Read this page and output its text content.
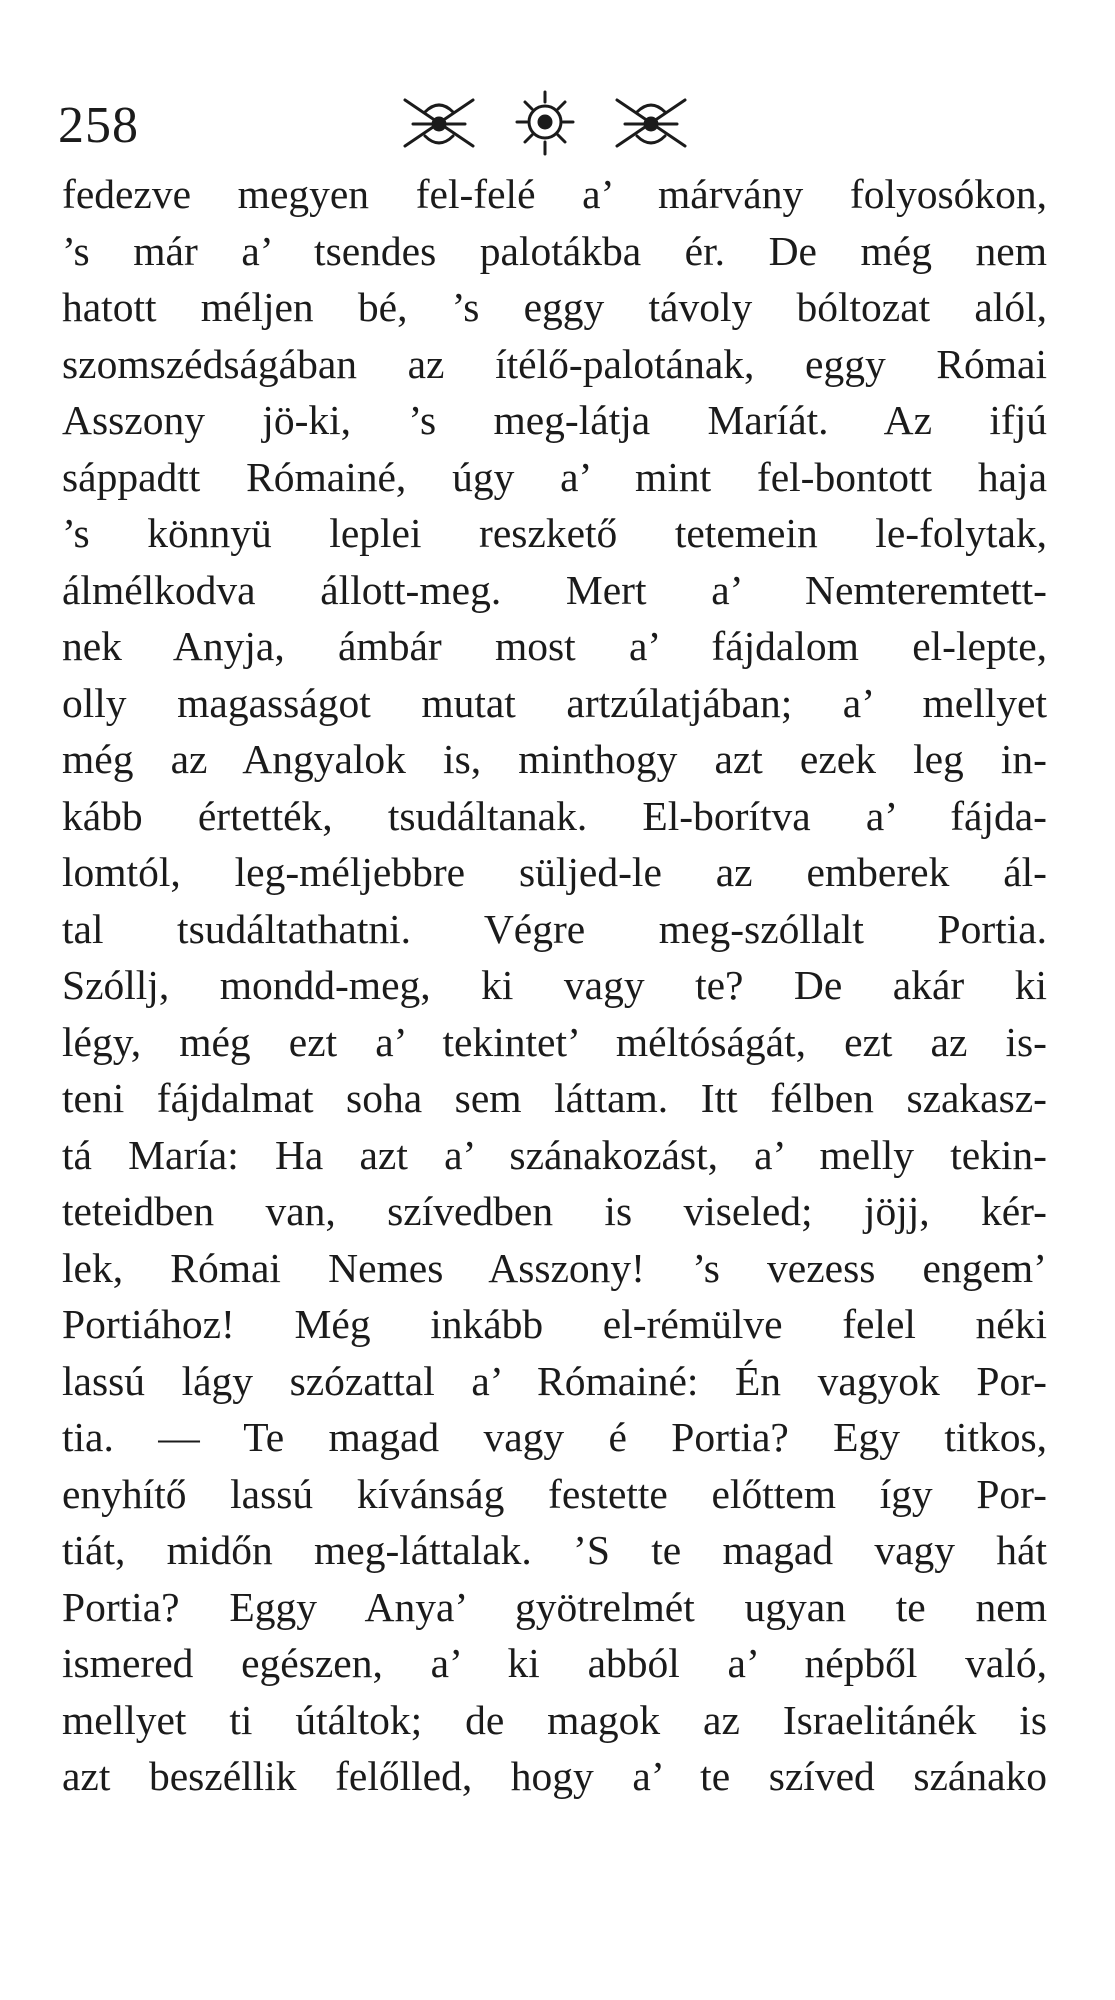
258
fedezve megyen fel-felé a’ márvány folyosókon,
’s már a’ tsendes palotákba ér. De még nem
hatott méljen bé, ’s eggy távoly bóltozat alól,
szomszédságában az ítélő-palotának, eggy Római
Asszony jö-ki, ’s meg-látja Maríát. Az ifjú
sáppadtt Rómainé, úgy a’ mint fel-bontott haja
’s könnyü leplei reszkető tetemein le-folytak,
álmélkodva állott-meg. Mert a’ Nemteremtett-
nek Anyja, ámbár most a’ fájdalom el-lepte,
olly magasságot mutat artzúlatjában; a’ mellyet
még az Angyalok is, minthogy azt ezek leg in-
kább értették, tsudáltanak. El-borítva a’ fájda-
lomtól, leg-méljebbre süljed-le az emberek ál-
tal tsudáltathatni. Végre meg-szóllalt Portia.
Szóllj, mondd-meg, ki vagy te? De akár ki
légy, még ezt a’ tekintet’ méltóságát, ezt az is-
teni fájdalmat soha sem láttam. Itt félben szakasz-
tá María: Ha azt a’ szánakozást, a’ melly tekin-
teteidben van, szívedben is viseled; jöjj, kér-
lek, Római Nemes Asszony! ’s vezess engem’
Portiához! Még inkább el-rémülve felel néki
lassú lágy szózattal a’ Rómainé: Én vagyok Por-
tia. — Te magad vagy é Portia? Egy titkos,
enyhítő lassú kívánság festette előttem így Por-
tiát, midőn meg-láttalak. ’S te magad vagy hát
Portia? Eggy Anya’ gyötrelmét ugyan te nem
ismered egészen, a’ ki abból a’ népből való,
mellyet ti útáltok; de magok az Israelitánék is
azt beszéllik felőlled, hogy a’ te szíved szánako
